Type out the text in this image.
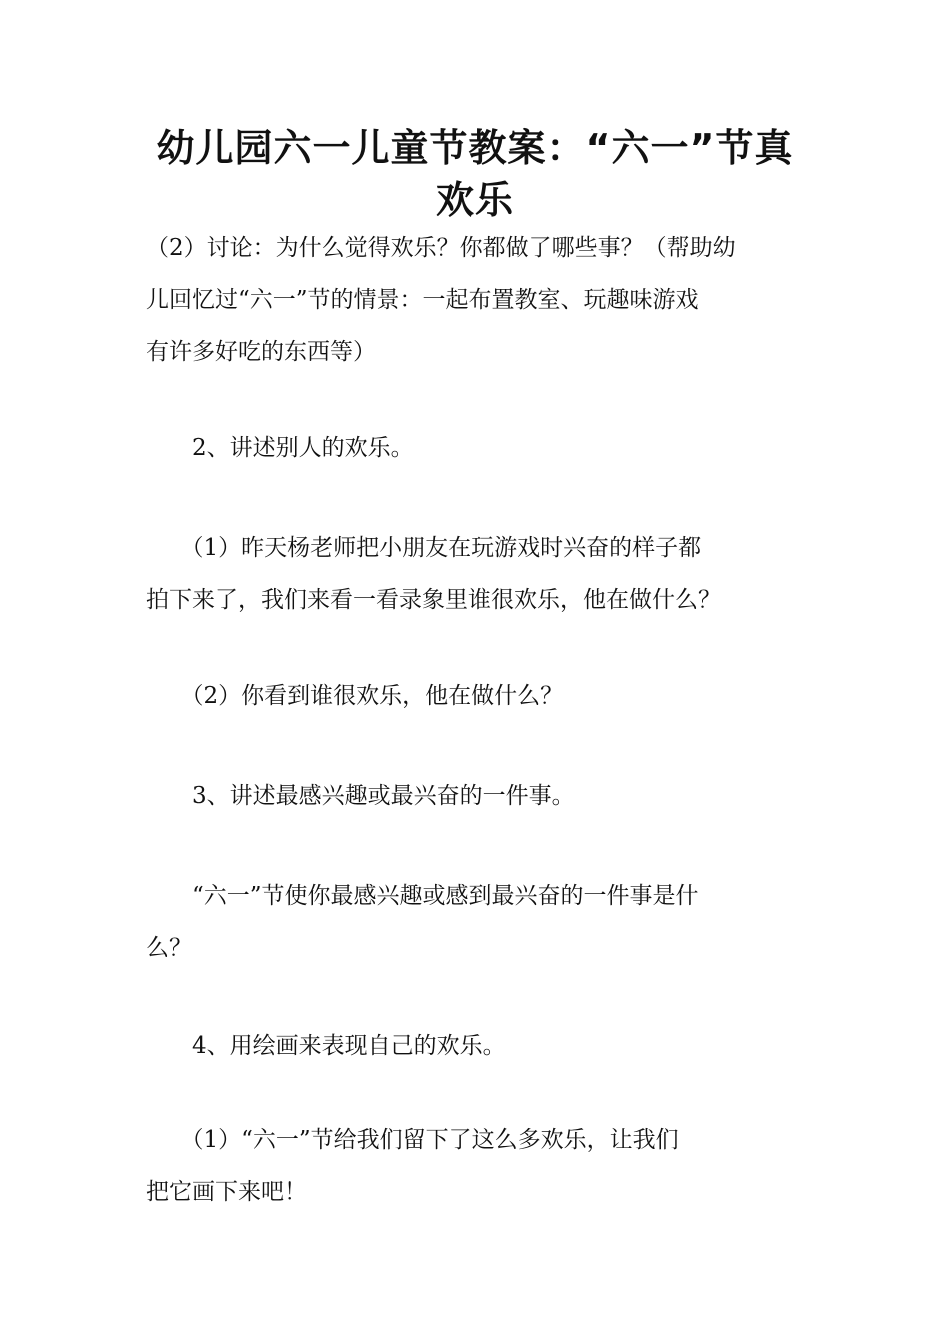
幼儿园六一儿童节教案：“六一”节真
欢乐

（2）讨论：为什么觉得欢乐？你都做了哪些事？（帮助幼
儿回忆过“六一”节的情景：一起布置教室、玩趣味游戏
有许多好吃的东西等）

　　2、讲述别人的欢乐。

　　（1）昨天杨老师把小朋友在玩游戏时兴奋的样子都
拍下来了，我们来看一看录象里谁很欢乐，他在做什么？

　　（2）你看到谁很欢乐，他在做什么？

　　3、讲述最感兴趣或最兴奋的一件事。

　　“六一”节使你最感兴趣或感到最兴奋的一件事是什
么？

　　4、用绘画来表现自己的欢乐。

　　（1）“六一”节给我们留下了这么多欢乐，让我们
把它画下来吧！
